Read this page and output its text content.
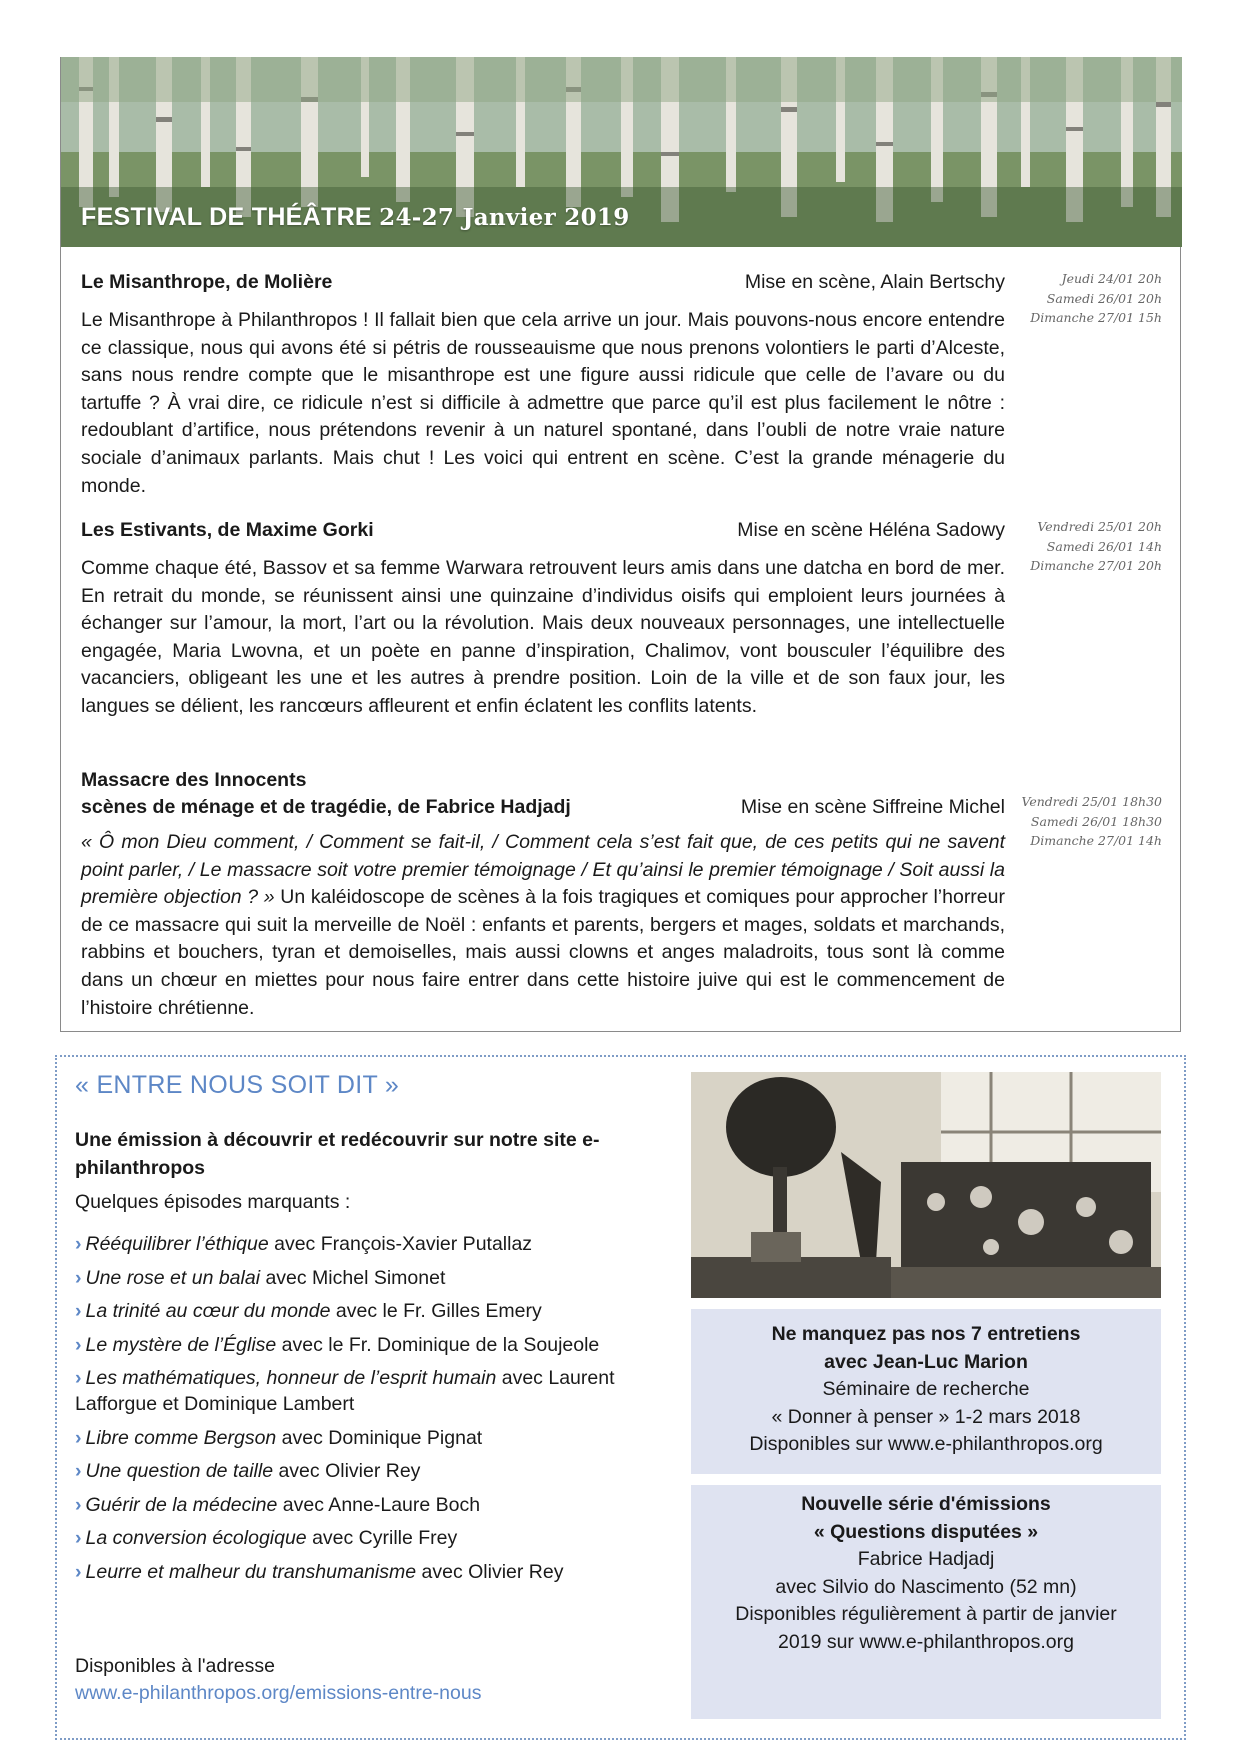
FESTIVAL DE THÉÂTRE 24-27 Janvier 2019
Le Misanthrope, de Molière	Mise en scène, Alain Bertschy
Le Misanthrope à Philanthropos ! Il fallait bien que cela arrive un jour. Mais pouvons-nous encore entendre ce classique, nous qui avons été si pétris de rousseauisme que nous prenons volontiers le parti d’Alceste, sans nous rendre compte que le misanthrope est une figure aussi ridicule que celle de l’avare ou du tartuffe ? À vrai dire, ce ridicule n’est si difficile à admettre que parce qu’il est plus facilement le nôtre : redoublant d’artifice, nous prétendons revenir à un naturel spontané, dans l’oubli de notre vraie nature sociale d’animaux parlants. Mais chut ! Les voici qui entrent en scène. C’est la grande ménagerie du monde.
Jeudi 24/01 20h
Samedi 26/01 20h
Dimanche 27/01 15h
Les Estivants, de Maxime Gorki	Mise en scène Héléna Sadowy
Comme chaque été, Bassov et sa femme Warwara retrouvent leurs amis dans une datcha en bord de mer. En retrait du monde, se réunissent ainsi une quinzaine d’individus oisifs qui emploient leurs journées à échanger sur l’amour, la mort, l’art ou la révolution. Mais deux nouveaux personnages, une intellectuelle engagée, Maria Lwovna, et un poète en panne d’inspiration, Chalimov, vont bousculer l’équilibre des vacanciers, obligeant les une et les autres à prendre position. Loin de la ville et de son faux jour, les langues se délient, les rancœurs affleurent et enfin éclatent les conflits latents.
Vendredi 25/01 20h
Samedi 26/01 14h
Dimanche 27/01 20h
Massacre des Innocents
scènes de ménage et de tragédie, de Fabrice Hadjadj	Mise en scène Siffreine Michel
« Ô mon Dieu comment, / Comment se fait-il, / Comment cela s’est fait que, de ces petits qui ne savent point parler, / Le massacre soit votre premier témoignage / Et qu’ainsi le premier témoignage / Soit aussi la première objection ? » Un kaléidoscope de scènes à la fois tragiques et comiques pour approcher l’horreur de ce massacre qui suit la merveille de Noël : enfants et parents, bergers et mages, soldats et marchands, rabbins et bouchers, tyran et demoiselles, mais aussi clowns et anges maladroits, tous sont là comme dans un chœur en miettes pour nous faire entrer dans cette histoire juive qui est le commencement de l’histoire chrétienne.
Vendredi 25/01 18h30
Samedi 26/01 18h30
Dimanche 27/01 14h
« ENTRE NOUS SOIT DIT »
Une émission à découvrir et redécouvrir sur notre site e-philanthropos
Quelques épisodes marquants :
› Rééquilibrer l’éthique avec François-Xavier Putallaz
› Une rose et un balai avec Michel Simonet
› La trinité au cœur du monde avec le Fr. Gilles Emery
› Le mystère de l’Église avec le Fr. Dominique de la Soujeole
› Les mathématiques, honneur de l’esprit humain avec Laurent Lafforgue et Dominique Lambert
› Libre comme Bergson avec Dominique Pignat
› Une question de taille avec Olivier Rey
› Guérir de la médecine avec Anne-Laure Boch
› La conversion écologique avec Cyrille Frey
› Leurre et malheur du transhumanisme avec Olivier Rey
Disponibles à l'adresse
www.e-philanthropos.org/emissions-entre-nous
Ne manquez pas nos 7 entretiens
avec Jean-Luc Marion
Séminaire de recherche
« Donner à penser » 1-2 mars 2018
Disponibles sur www.e-philanthropos.org
Nouvelle série d'émissions
« Questions disputées »
Fabrice Hadjadj
avec Silvio do Nascimento (52 mn)
Disponibles régulièrement à partir de janvier
2019 sur www.e-philanthropos.org
